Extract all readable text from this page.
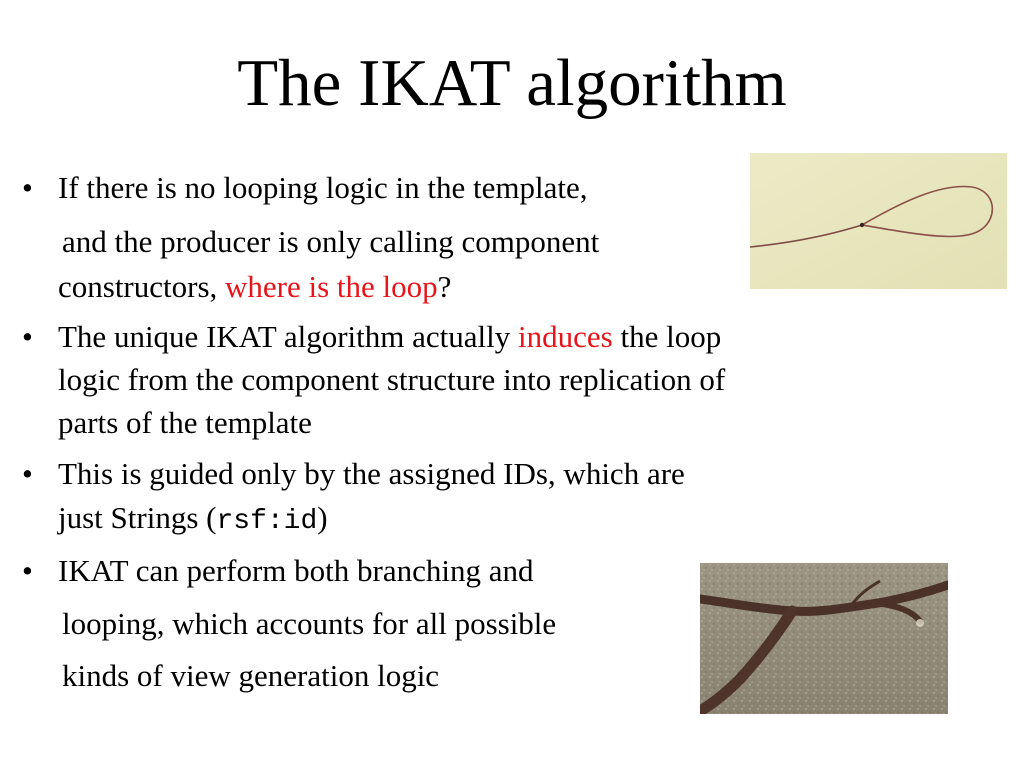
The IKAT algorithm
• If there is no looping logic in the template,
and the producer is only calling component
constructors, where is the loop?
• The unique IKAT algorithm actually induces the loop
logic from the component structure into replication of
parts of the template
• This is guided only by the assigned IDs, which are
just Strings (rsf:id)
• IKAT can perform both branching and
looping, which accounts for all possible
kinds of view generation logic
